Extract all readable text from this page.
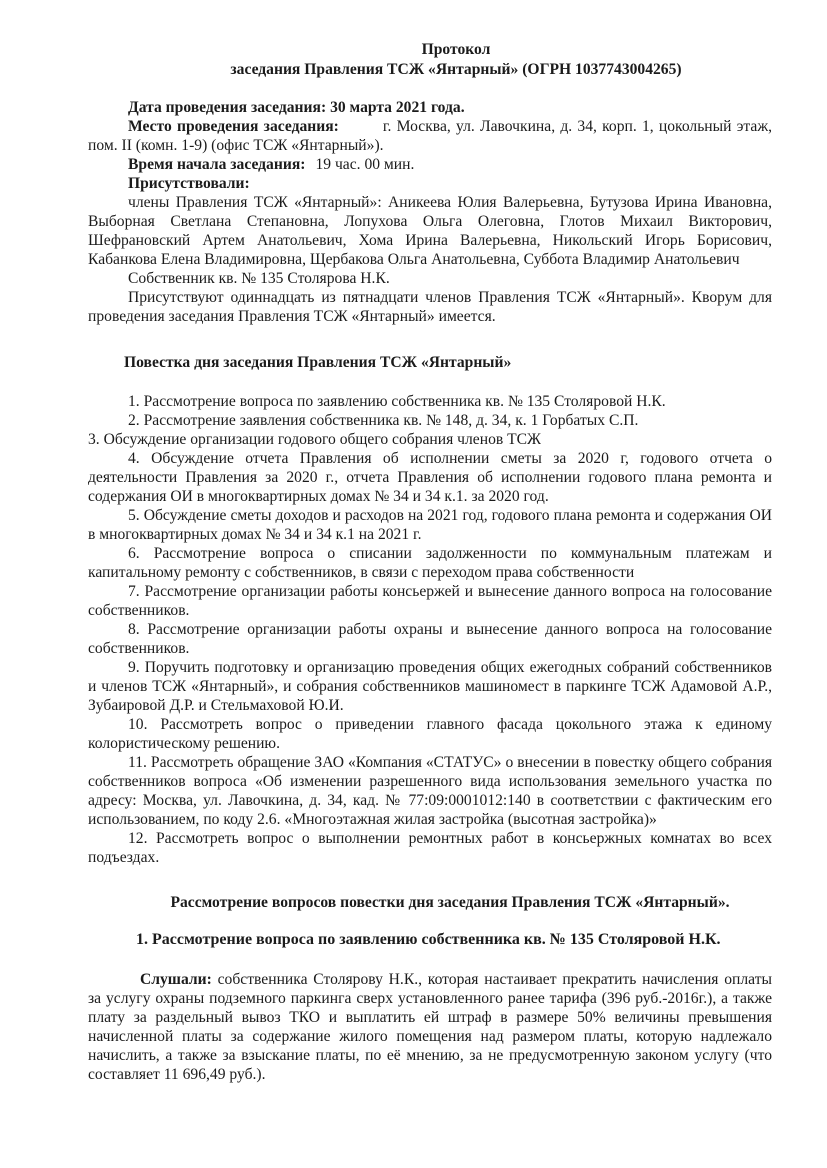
Протокол
заседания Правления ТСЖ «Янтарный» (ОГРН 1037743004265)

Дата проведения заседания: 30 марта 2021 года.

Место проведения заседания:	г. Москва, ул. Лавочкина, д. 34, корп. 1, цокольный этаж, пом. II (комн. 1-9) (офис ТСЖ «Янтарный»).

Время начала заседания: 19 час. 00 мин.

Присутствовали:

члены Правления ТСЖ «Янтарный»: Аникеева Юлия Валерьевна, Бутузова Ирина Ивановна, Выборная Светлана Степановна, Лопухова Ольга Олеговна, Глотов Михаил Викторович, Шефрановский Артем Анатольевич, Хома Ирина Валерьевна, Никольский Игорь Борисович, Кабанкова Елена Владимировна, Щербакова Ольга Анатольевна, Суббота Владимир Анатольевич

Собственник кв. № 135 Столярова Н.К.

Присутствуют одиннадцать из пятнадцати членов Правления ТСЖ «Янтарный». Кворум для проведения заседания Правления ТСЖ «Янтарный» имеется.

Повестка дня заседания Правления ТСЖ «Янтарный»

1. Рассмотрение вопроса по заявлению собственника кв. № 135 Столяровой Н.К.

2. Рассмотрение заявления собственника кв. № 148, д. 34, к. 1 Горбатых С.П.

3. Обсуждение организации годового общего собрания членов ТСЖ

4. Обсуждение отчета Правления об исполнении сметы за 2020 г, годового отчета о деятельности Правления за 2020 г., отчета Правления об исполнении годового плана ремонта и содержания ОИ в многоквартирных домах № 34 и 34 к.1. за 2020 год.

5. Обсуждение сметы доходов и расходов на 2021 год, годового плана ремонта и содержания ОИ в многоквартирных домах № 34 и 34 к.1 на 2021 г.

6. Рассмотрение вопроса о списании задолженности по коммунальным платежам и капитальному ремонту с собственников, в связи с переходом права собственности

7. Рассмотрение организации работы консьержей и вынесение данного вопроса на голосование собственников.

8. Рассмотрение организации работы охраны и вынесение данного вопроса на голосование собственников.

9. Поручить подготовку и организацию проведения общих ежегодных собраний собственников и членов ТСЖ «Янтарный», и собрания собственников машиномест в паркинге ТСЖ Адамовой А.Р., Зубаировой Д.Р. и Стельмаховой Ю.И.

10. Рассмотреть вопрос о приведении главного фасада цокольного этажа к единому колористическому решению.

11. Рассмотреть обращение ЗАО «Компания «СТАТУС» о внесении в повестку общего собрания собственников вопроса «Об изменении разрешенного вида использования земельного участка по адресу: Москва, ул. Лавочкина, д. 34, кад. № 77:09:0001012:140 в соответствии с фактическим его использованием, по коду 2.6. «Многоэтажная жилая застройка (высотная застройка)»

12. Рассмотреть вопрос о выполнении ремонтных работ в консьержных комнатах во всех подъездах.

Рассмотрение вопросов повестки дня заседания Правления ТСЖ «Янтарный».
1. Рассмотрение вопроса по заявлению собственника кв. № 135 Столяровой Н.К.

Слушали: собственника Столярову Н.К., которая настаивает прекратить начисления оплаты за услугу охраны подземного паркинга сверх установленного ранее тарифа (396 руб.-2016г.), а также плату за раздельный вывоз ТКО и выплатить ей штраф в размере 50% величины превышения начисленной платы за содержание жилого помещения над размером платы, которую надлежало начислить, а также за взыскание платы, по её мнению, за не предусмотренную законом услугу (что составляет 11 696,49 руб.).
